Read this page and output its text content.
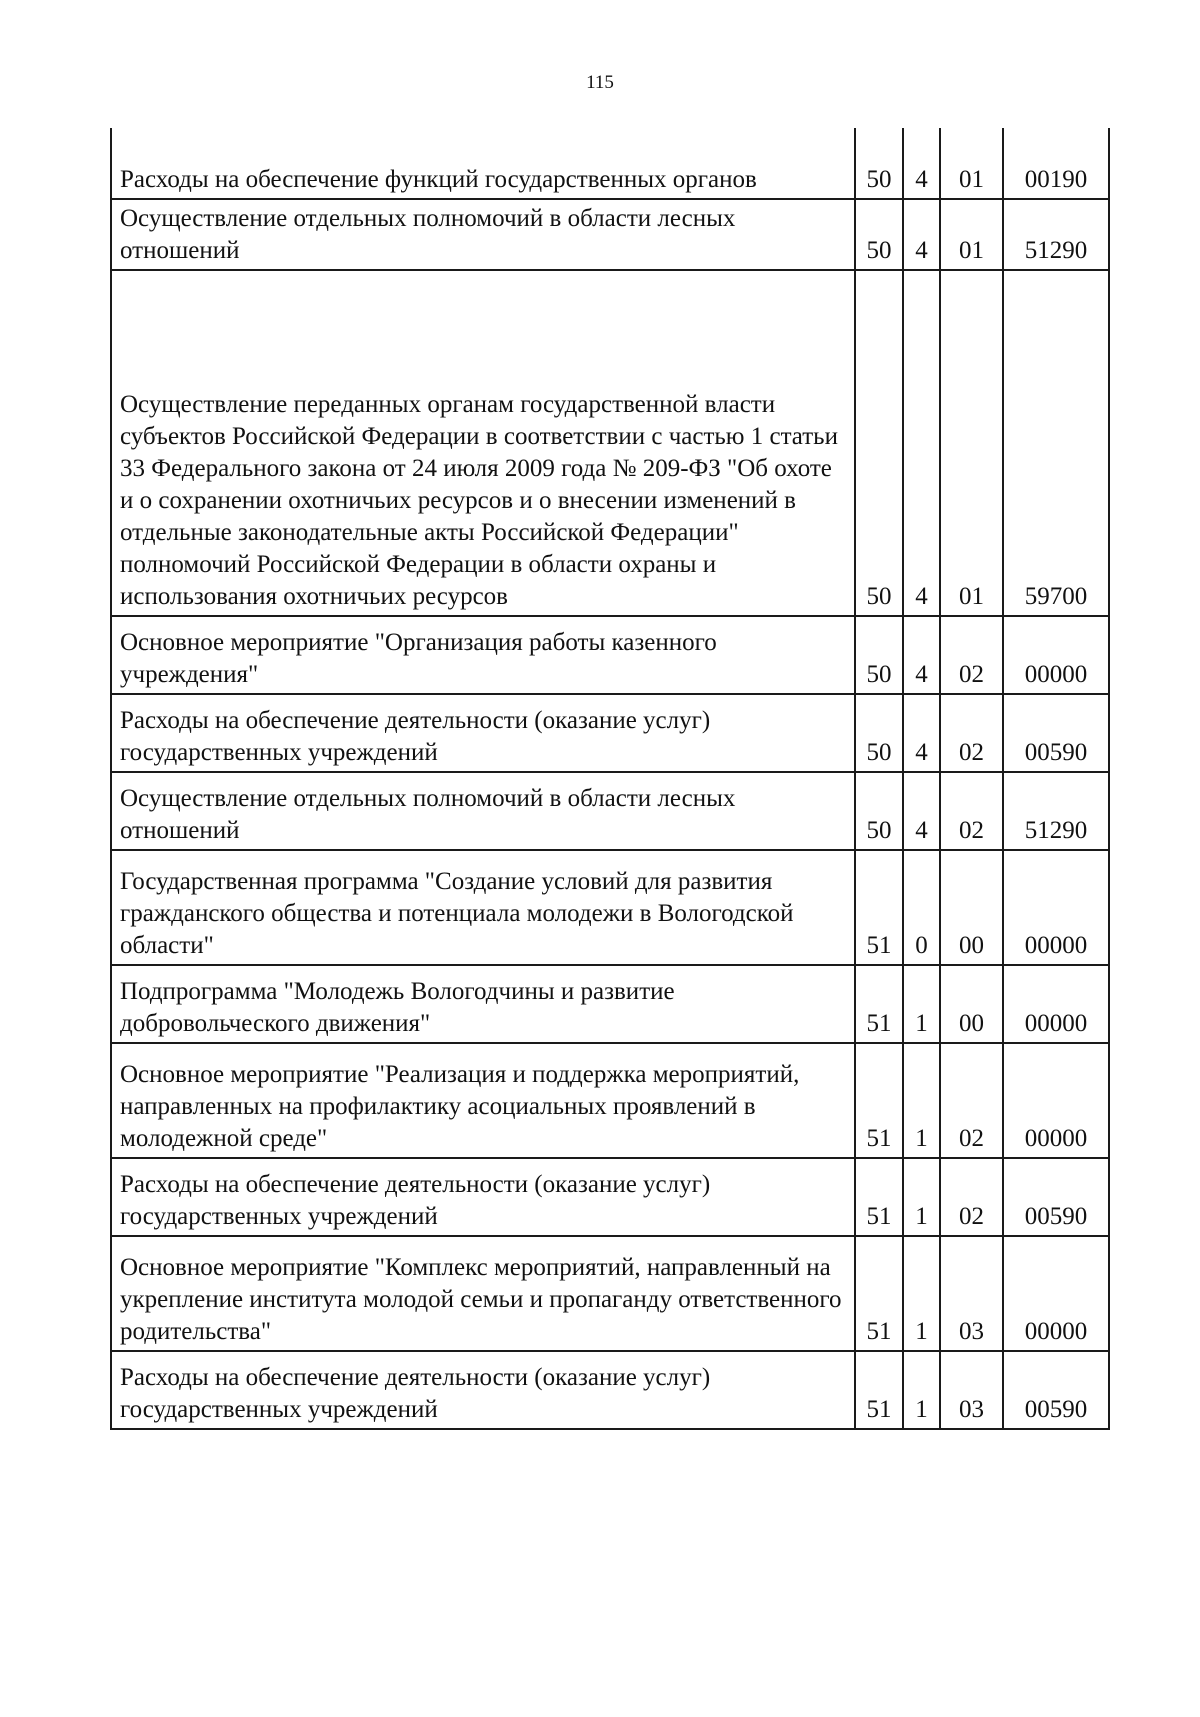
115
Расходы на обеспечение функций государственных органов	50	4	01	00190
Осуществление отдельных полномочий в области лесных отношений	50	4	01	51290
Осуществление переданных органам государственной власти субъектов Российской Федерации в соответствии с частью 1 статьи 33 Федерального закона от 24 июля 2009 года № 209-ФЗ "Об охоте и о сохранении охотничьих ресурсов и о внесении изменений в отдельные законодательные акты Российской Федерации" полномочий Российской Федерации в области охраны и использования охотничьих ресурсов	50	4	01	59700
Основное мероприятие "Организация работы казенного учреждения"	50	4	02	00000
Расходы на обеспечение деятельности (оказание услуг) государственных учреждений	50	4	02	00590
Осуществление отдельных полномочий в области лесных отношений	50	4	02	51290
Государственная программа "Создание условий для развития гражданского общества и потенциала молодежи в Вологодской области"	51	0	00	00000
Подпрограмма "Молодежь Вологодчины и развитие добровольческого движения"	51	1	00	00000
Основное мероприятие "Реализация и поддержка мероприятий, направленных на профилактику асоциальных проявлений в молодежной среде"	51	1	02	00000
Расходы на обеспечение деятельности (оказание услуг) государственных учреждений	51	1	02	00590
Основное мероприятие "Комплекс мероприятий, направленный на укрепление института молодой семьи и пропаганду ответственного родительства"	51	1	03	00000
Расходы на обеспечение деятельности (оказание услуг) государственных учреждений	51	1	03	00590
